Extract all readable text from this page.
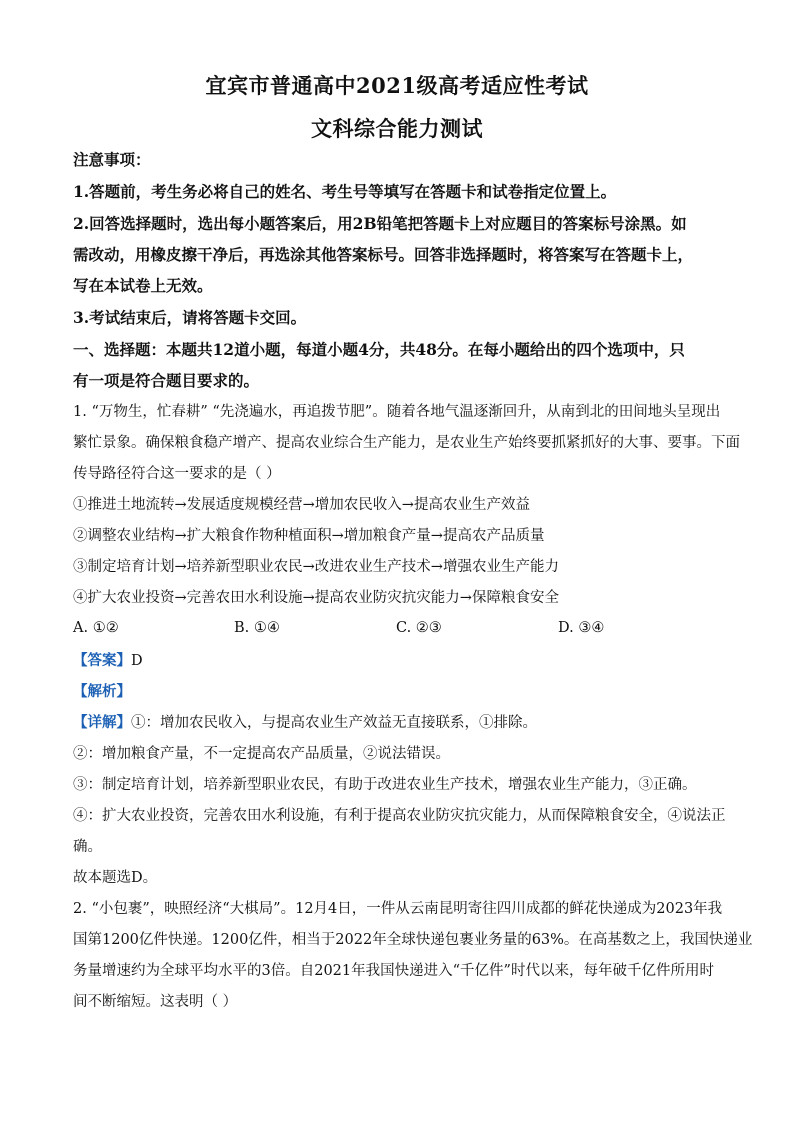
宜宾市普通高中2021级高考适应性考试
文科综合能力测试
注意事项：
1.答题前，考生务必将自己的姓名、考生号等填写在答题卡和试卷指定位置上。
2.回答选择题时，选出每小题答案后，用2B铅笔把答题卡上对应题目的答案标号涂黑。如
需改动，用橡皮擦干净后，再选涂其他答案标号。回答非选择题时，将答案写在答题卡上，
写在本试卷上无效。
3.考试结束后，请将答题卡交回。
一、选择题：本题共12道小题，每道小题4分，共48分。在每小题给出的四个选项中，只
有一项是符合题目要求的。
1. “万物生，忙春耕” “先浇遍水，再追拨节肥”。随着各地气温逐渐回升，从南到北的田间地头呈现出
繁忙景象。确保粮食稳产增产、提高农业综合生产能力，是农业生产始终要抓紧抓好的大事、要事。下面
传导路径符合这一要求的是（ ）
①推进土地流转→发展适度规模经营→增加农民收入→提高农业生产效益
②调整农业结构→扩大粮食作物种植面积→增加粮食产量→提高农产品质量
③制定培育计划→培养新型职业农民→改进农业生产技术→增强农业生产能力
④扩大农业投资→完善农田水利设施→提高农业防灾抗灾能力→保障粮食安全
A. ①②	B. ①④	C. ②③	D. ③④
【答案】D
【解析】
【详解】①：增加农民收入，与提高农业生产效益无直接联系，①排除。
②：增加粮食产量，不一定提高农产品质量，②说法错误。
③：制定培育计划，培养新型职业农民，有助于改进农业生产技术，增强农业生产能力，③正确。
④：扩大农业投资，完善农田水利设施，有利于提高农业防灾抗灾能力，从而保障粮食安全，④说法正
确。
故本题选D。
2. “小包裹”，映照经济“大棋局”。12月4日，一件从云南昆明寄往四川成都的鲜花快递成为2023年我
国第1200亿件快递。1200亿件，相当于2022年全球快递包裹业务量的63%。在高基数之上，我国快递业
务量增速约为全球平均水平的3倍。自2021年我国快递进入“千亿件”时代以来，每年破千亿件所用时
间不断缩短。这表明（ ）
